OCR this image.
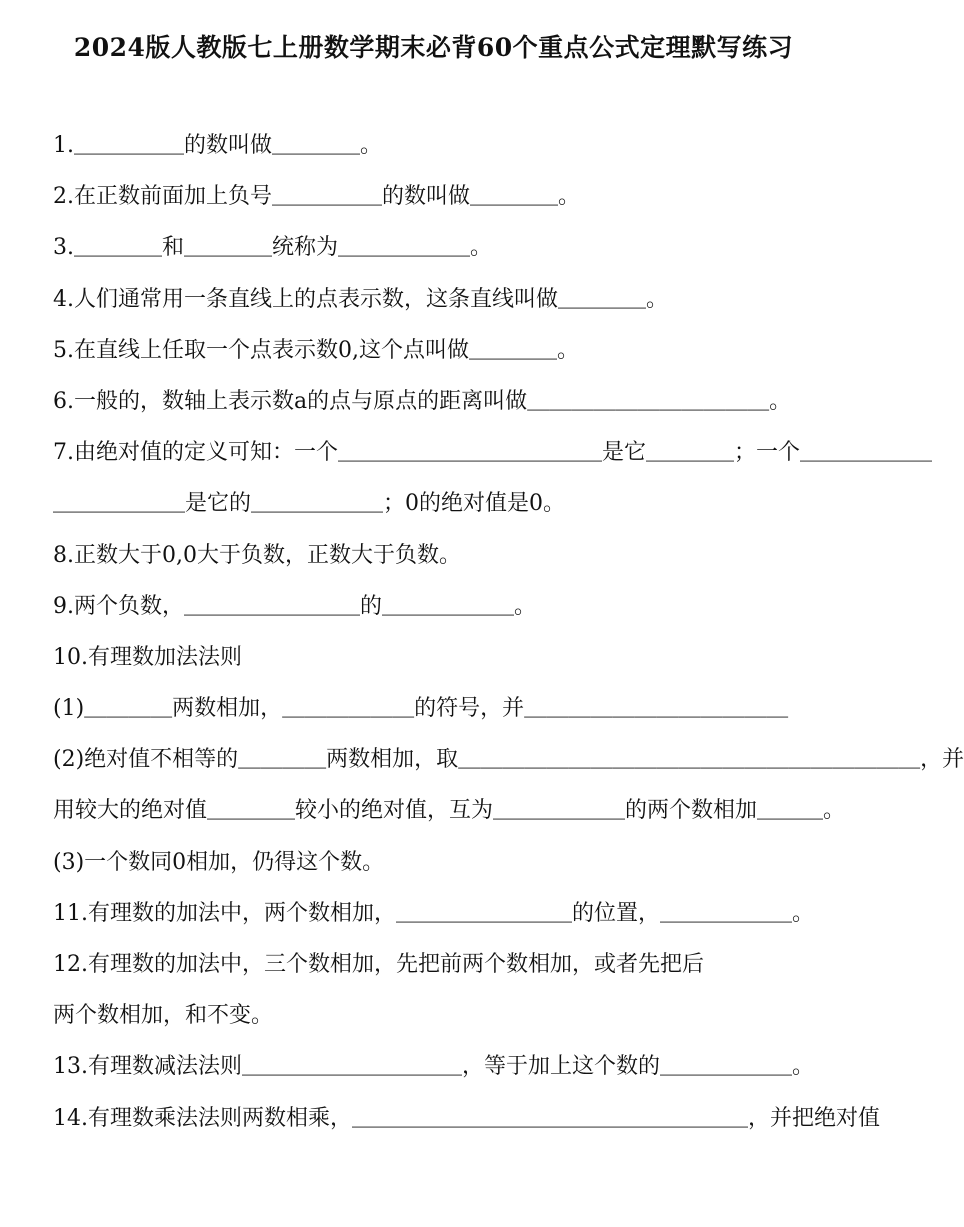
2024版人教版七上册数学期末必背60个重点公式定理默写练习
1.＿＿＿＿＿的数叫做＿＿＿＿。
2.在正数前面加上负号＿＿＿＿＿的数叫做＿＿＿＿。
3.＿＿＿＿和＿＿＿＿统称为＿＿＿＿＿＿。
4.人们通常用一条直线上的点表示数，这条直线叫做＿＿＿＿。
5.在直线上任取一个点表示数0,这个点叫做＿＿＿＿。
6.一般的，数轴上表示数a的点与原点的距离叫做＿＿＿＿＿＿＿＿＿＿＿。
7.由绝对值的定义可知：一个＿＿＿＿＿＿＿＿＿＿＿＿是它＿＿＿＿；一个＿＿＿＿＿＿
＿＿＿＿＿＿是它的＿＿＿＿＿＿；0的绝对值是0。
8.正数大于0,0大于负数，正数大于负数。
9.两个负数，＿＿＿＿＿＿＿＿的＿＿＿＿＿＿。
10.有理数加法法则
(1)＿＿＿＿两数相加，＿＿＿＿＿＿的符号，并＿＿＿＿＿＿＿＿＿＿＿＿
(2)绝对值不相等的＿＿＿＿两数相加，取＿＿＿＿＿＿＿＿＿＿＿＿＿＿＿＿＿＿＿＿＿，并
用较大的绝对值＿＿＿＿较小的绝对值，互为＿＿＿＿＿＿的两个数相加＿＿＿。
(3)一个数同0相加，仍得这个数。
11.有理数的加法中，两个数相加，＿＿＿＿＿＿＿＿的位置，＿＿＿＿＿＿。
12.有理数的加法中，三个数相加，先把前两个数相加，或者先把后
两个数相加，和不变。
13.有理数减法法则＿＿＿＿＿＿＿＿＿＿，等于加上这个数的＿＿＿＿＿＿。
14.有理数乘法法则两数相乘，＿＿＿＿＿＿＿＿＿＿＿＿＿＿＿＿＿＿，并把绝对值
